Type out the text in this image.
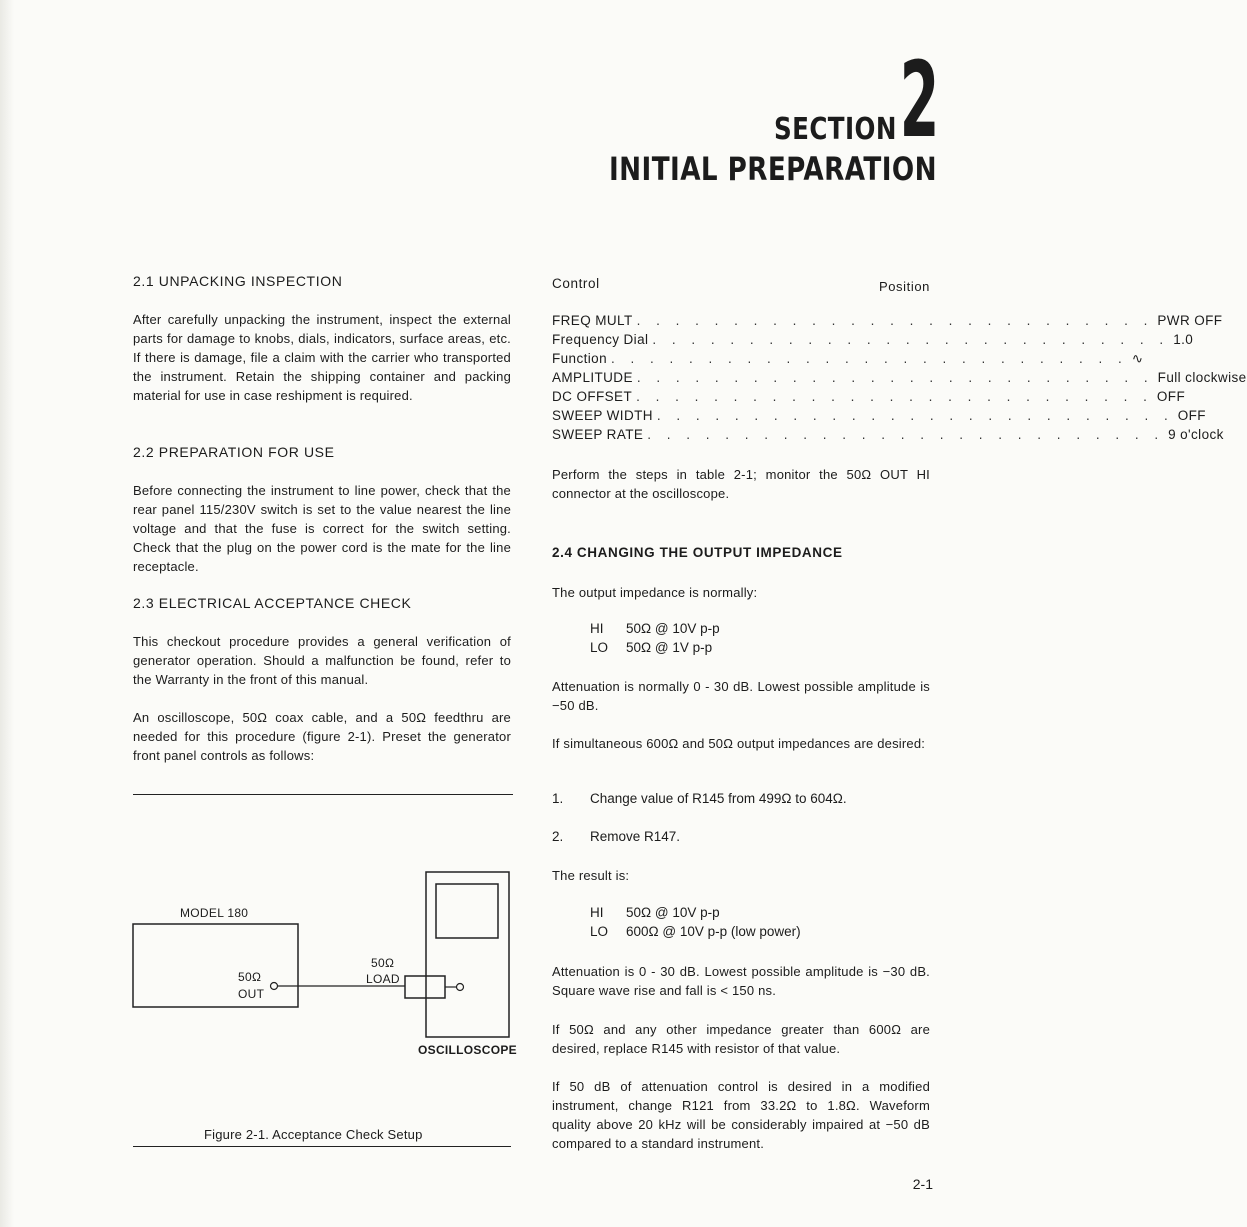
2
SECTION
INITIAL PREPARATION
2.1 UNPACKING INSPECTION
After carefully unpacking the instrument, inspect the external parts for damage to knobs, dials, indicators, surface areas, etc. If there is damage, file a claim with the carrier who transported the instrument. Retain the shipping container and packing material for use in case reshipment is required.
2.2 PREPARATION FOR USE
Before connecting the instrument to line power, check that the rear panel 115/230V switch is set to the value nearest the line voltage and that the fuse is correct for the switch setting. Check that the plug on the power cord is the mate for the line receptacle.
2.3 ELECTRICAL ACCEPTANCE CHECK
This checkout procedure provides a general verification of generator operation. Should a malfunction be found, refer to the Warranty in the front of this manual.
An oscilloscope, 50Ω coax cable, and a 50Ω feedthru are needed for this procedure (figure 2-1). Preset the generator front panel controls as follows:
MODEL 180
50Ω
OUT
50Ω
LOAD
OSCILLOSCOPE
Figure 2-1. Acceptance Check Setup
Control	Position
FREQ MULT . . . . . . . . . . . . . . . . . . . . . . . . . . . PWR OFF
Frequency Dial . . . . . . . . . . . . . . . . . . . . . . . . . . . 1.0
Function . . . . . . . . . . . . . . . . . . . . . . . . . . . ∿
AMPLITUDE . . . . . . . . . . . . . . . . . . . . . . . . . . . Full clockwise
DC OFFSET . . . . . . . . . . . . . . . . . . . . . . . . . . . OFF
SWEEP WIDTH . . . . . . . . . . . . . . . . . . . . . . . . . . . OFF
SWEEP RATE . . . . . . . . . . . . . . . . . . . . . . . . . . . 9 o'clock
Perform the steps in table 2-1; monitor the 50Ω OUT HI connector at the oscilloscope.
2.4 CHANGING THE OUTPUT IMPEDANCE
The output impedance is normally:
HI 50Ω @ 10V p-p
LO 50Ω @ 1V p-p
Attenuation is normally 0 - 30 dB. Lowest possible amplitude is −50 dB.
If simultaneous 600Ω and 50Ω output impedances are desired:
1. Change value of R145 from 499Ω to 604Ω.
2. Remove R147.
The result is:
HI 50Ω @ 10V p-p
LO 600Ω @ 10V p-p (low power)
Attenuation is 0 - 30 dB. Lowest possible amplitude is −30 dB. Square wave rise and fall is < 150 ns.
If 50Ω and any other impedance greater than 600Ω are desired, replace R145 with resistor of that value.
If 50 dB of attenuation control is desired in a modified instrument, change R121 from 33.2Ω to 1.8Ω. Waveform quality above 20 kHz will be considerably impaired at −50 dB compared to a standard instrument.
2-1
